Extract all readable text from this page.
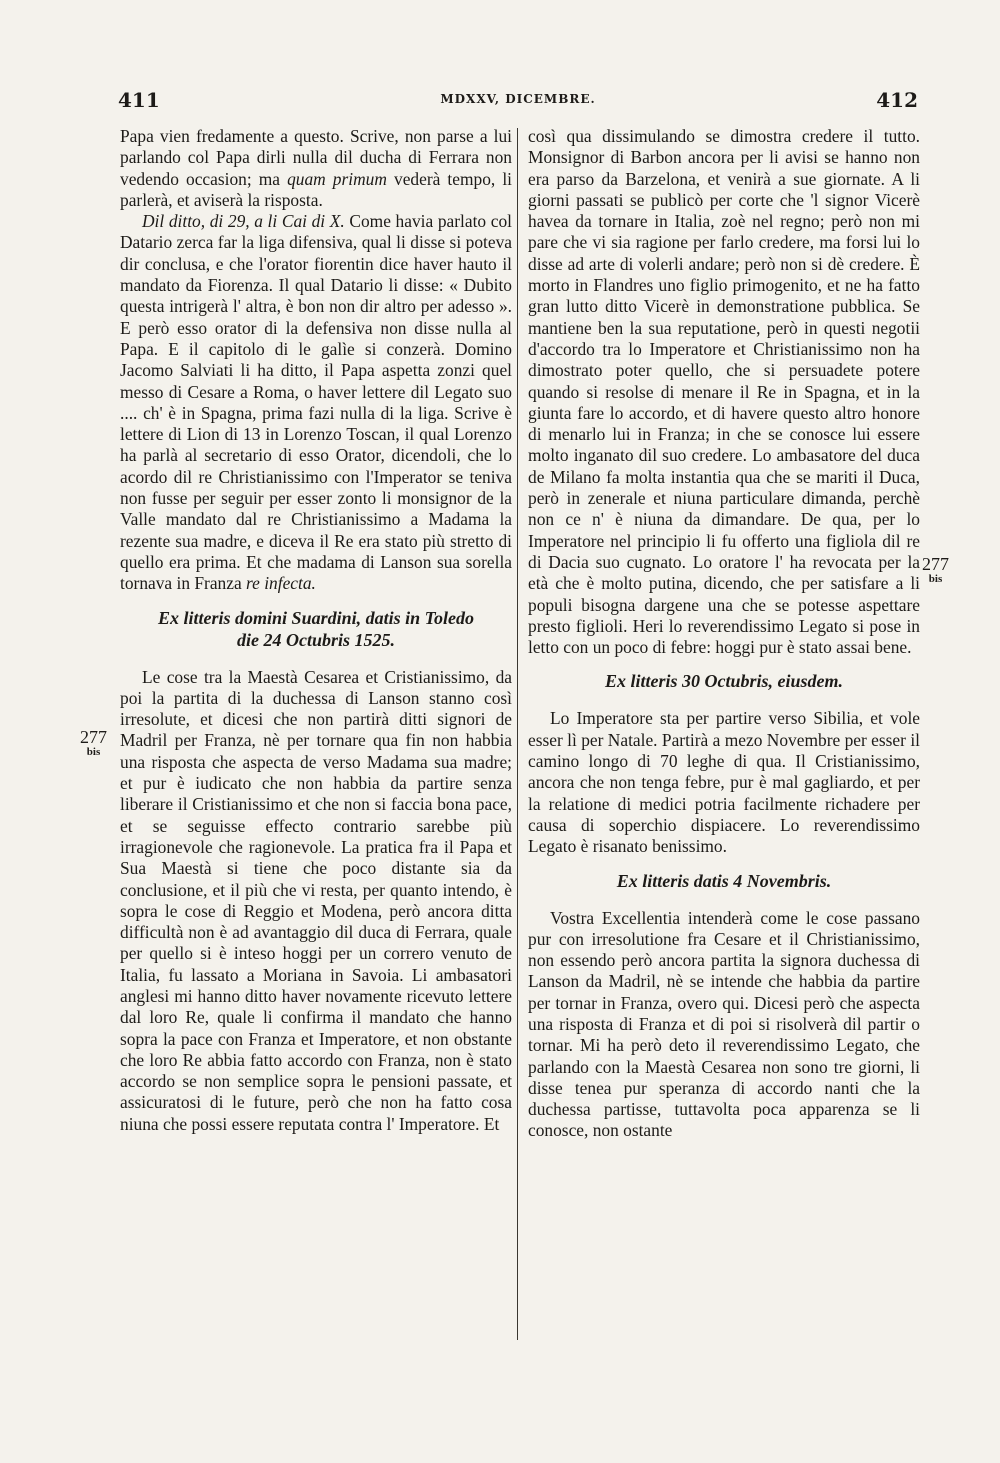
411	MDXXV, DICEMBRE.	412
277
bis
277
bis

Papa vien fredamente a questo. Scrive, non parse a lui parlando col Papa dirli nulla dil ducha di Ferrara non vedendo occasion; ma quam primum vederà tempo, li parlerà, et aviserà la risposta.

Dil ditto, di 29, a li Cai di X. Come havia parlato col Datario zerca far la liga difensiva, qual li disse si poteva dir conclusa, e che l'orator fiorentin dice haver hauto il mandato da Fiorenza. Il qual Datario li disse: « Dubito questa intrigerà l' altra, è bon non dir altro per adesso ». E però esso orator di la defensiva non disse nulla al Papa. E il capitolo di le galìe si conzerà. Domino Jacomo Salviati li ha ditto, il Papa aspetta zonzi quel messo di Cesare a Roma, o haver lettere dil Legato suo .... ch' è in Spagna, prima fazi nulla di la liga. Scrive è lettere di Lion di 13 in Lorenzo Toscan, il qual Lorenzo ha parlà al secretario di esso Orator, dicendoli, che lo acordo dil re Christianissimo con l'Imperator se teniva non fusse per seguir per esser zonto li monsignor de la Valle mandato dal re Christianissimo a Madama la rezente sua madre, e diceva il Re era stato più stretto di quello era prima. Et che madama di Lanson sua sorella tornava in Franza re infecta.

Ex litteris domini Suardini, datis in Toledo
die 24 Octubris 1525.

Le cose tra la Maestà Cesarea et Cristianissimo, da poi la partita di la duchessa di Lanson stanno così irresolute, et dicesi che non partirà ditti signori de Madril per Franza, nè per tornare qua fin non habbia una risposta che aspecta de verso Madama sua madre; et pur è iudicato che non habbia da partire senza liberare il Cristianissimo et che non si faccia bona pace, et se seguisse effecto contrario sarebbe più irragionevole che ragionevole. La pratica fra il Papa et Sua Maestà si tiene che poco distante sia da conclusione, et il più che vi resta, per quanto intendo, è sopra le cose di Reggio et Modena, però ancora ditta difficultà non è ad avantaggio dil duca di Ferrara, quale per quello si è inteso hoggi per un correro venuto de Italia, fu lassato a Moriana in Savoia. Li ambasatori anglesi mi hanno ditto haver novamente ricevuto lettere dal loro Re, quale li confirma il mandato che hanno sopra la pace con Franza et Imperatore, et non obstante che loro Re abbia fatto accordo con Franza, non è stato accordo se non semplice sopra le pensioni passate, et assicuratosi di le future, però che non ha fatto cosa niuna che possi essere reputata contra l' Imperatore. Et

così qua dissimulando se dimostra credere il tutto. Monsignor di Barbon ancora per li avisi se hanno non era parso da Barzelona, et venirà a sue giornate. A li giorni passati se publicò per corte che 'l signor Vicerè havea da tornare in Italia, zoè nel regno; però non mi pare che vi sia ragione per farlo credere, ma forsi lui lo disse ad arte di volerli andare; però non si dè credere. È morto in Flandres uno figlio primogenito, et ne ha fatto gran lutto ditto Vicerè in demonstratione pubblica. Se mantiene ben la sua reputatione, però in questi negotii d'accordo tra lo Imperatore et Christianissimo non ha dimostrato poter quello, che si persuadete potere quando si resolse di menare il Re in Spagna, et in la giunta fare lo accordo, et di havere questo altro honore di menarlo lui in Franza; in che se conosce lui essere molto inganato dil suo credere. Lo ambasatore del duca de Milano fa molta instantia qua che se mariti il Duca, però in zenerale et niuna particulare dimanda, perchè non ce n' è niuna da dimandare. De qua, per lo Imperatore nel principio li fu offerto una figliola dil re di Dacia suo cugnato. Lo oratore l' ha revocata per la età che è molto putina, dicendo, che per satisfare a li populi bisogna dargene una che se potesse aspettare presto figlioli. Heri lo reverendissimo Legato si pose in letto con un poco di febre: hoggi pur è stato assai bene.

Ex litteris 30 Octubris, eiusdem.

Lo Imperatore sta per partire verso Sibilia, et vole esser lì per Natale. Partirà a mezo Novembre per esser il camino longo di 70 leghe di qua. Il Cristianissimo, ancora che non tenga febre, pur è mal gagliardo, et per la relatione di medici potria facilmente richadere per causa di soperchio dispiacere. Lo reverendissimo Legato è risanato benissimo.

Ex litteris datis 4 Novembris.

Vostra Excellentia intenderà come le cose passano pur con irresolutione fra Cesare et il Christianissimo, non essendo però ancora partita la signora duchessa di Lanson da Madril, nè se intende che habbia da partire per tornar in Franza, overo qui. Dicesi però che aspecta una risposta di Franza et di poi si risolverà dil partir o tornar. Mi ha però deto il reverendissimo Legato, che parlando con la Maestà Cesarea non sono tre giorni, li disse tenea pur speranza di accordo nanti che la duchessa partisse, tuttavolta poca apparenza se li conosce, non ostante
